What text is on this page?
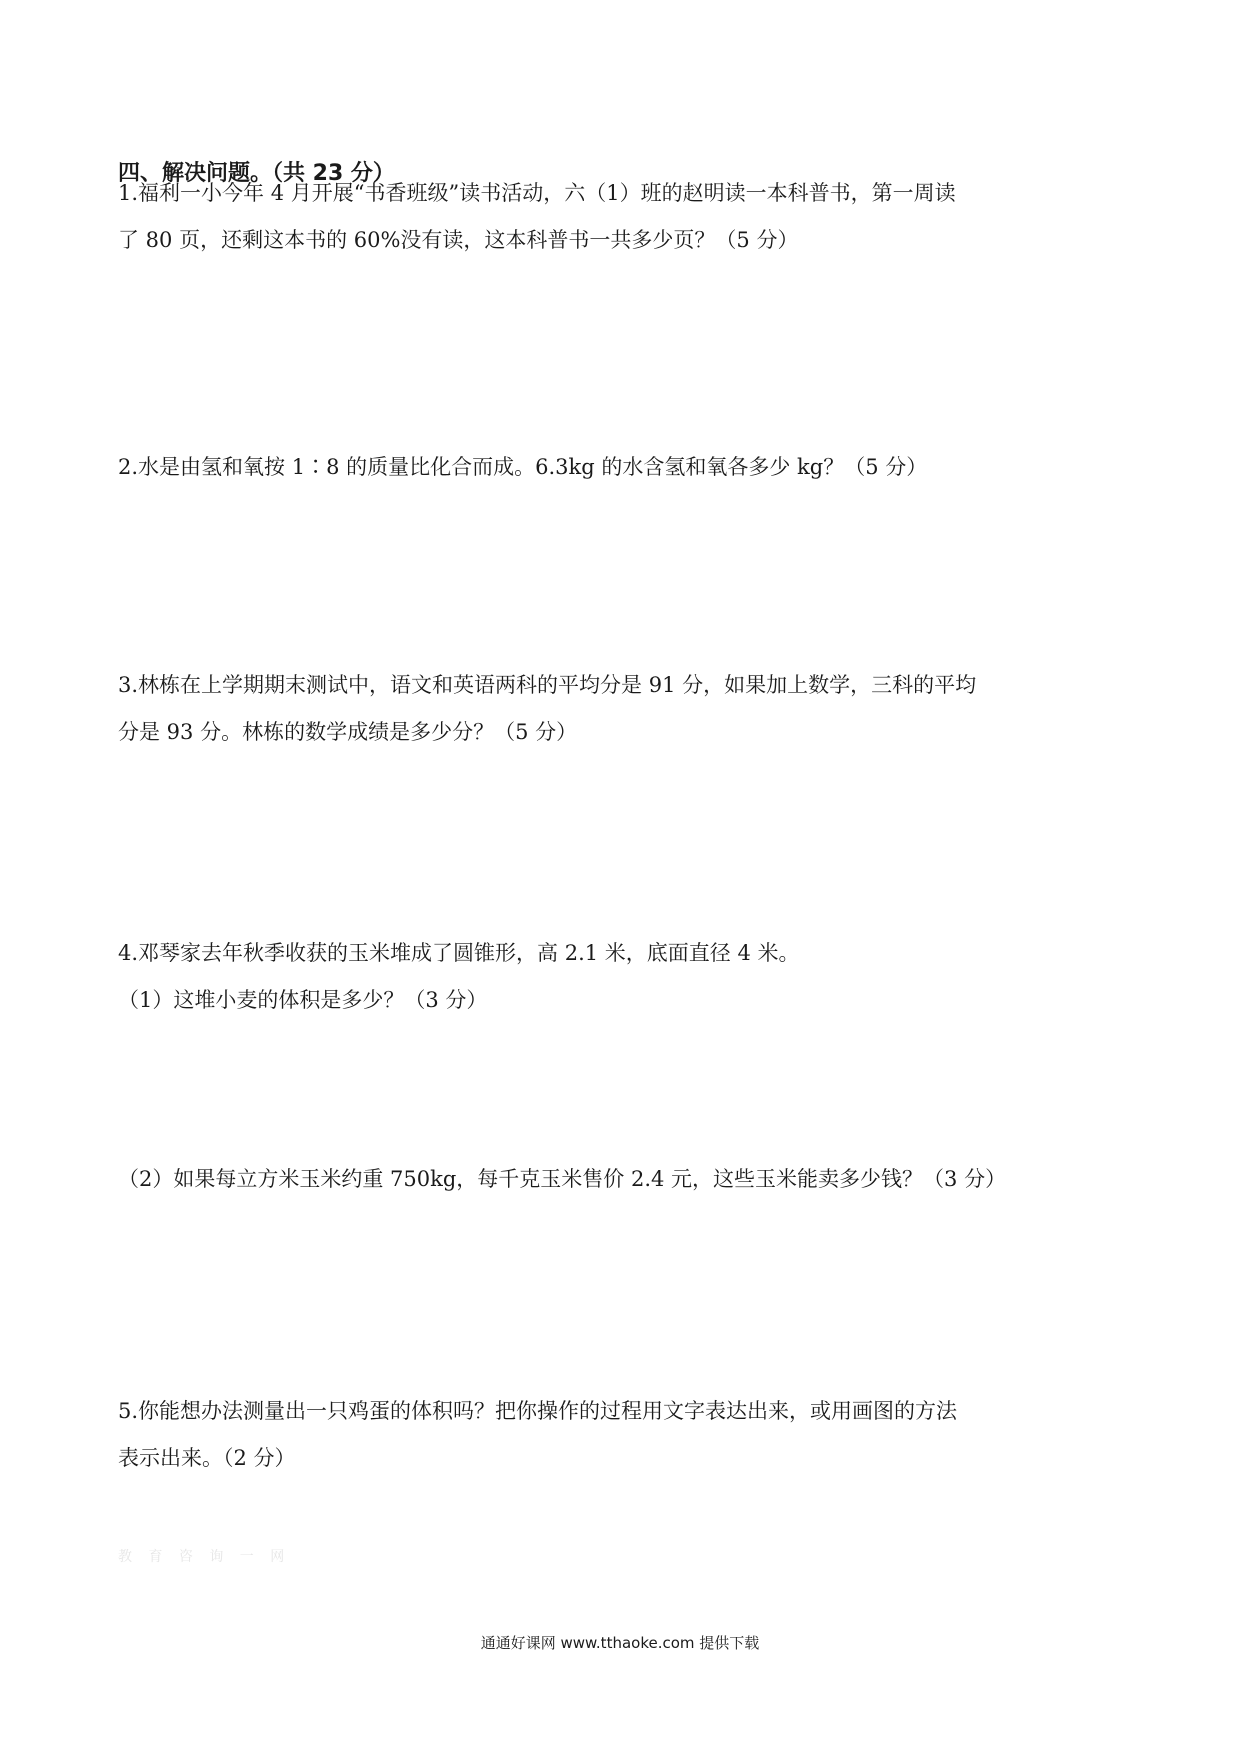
四、解决问题。（共 23 分）
1.福利一小今年 4 月开展“书香班级”读书活动，六（1）班的赵明读一本科普书，第一周读
了 80 页，还剩这本书的 60%没有读，这本科普书一共多少页？（5 分）
2.水是由氢和氧按 1∶8 的质量比化合而成。6.3kg 的水含氢和氧各多少 kg？（5 分）
3.林栋在上学期期末测试中，语文和英语两科的平均分是 91 分，如果加上数学，三科的平均
分是 93 分。林栋的数学成绩是多少分？（5 分）
4.邓琴家去年秋季收获的玉米堆成了圆锥形，高 2.1 米，底面直径 4 米。
（1）这堆小麦的体积是多少？（3 分）
（2）如果每立方米玉米约重 750kg，每千克玉米售价 2.4 元，这些玉米能卖多少钱？（3 分）
5.你能想办法测量出一只鸡蛋的体积吗？把你操作的过程用文字表达出来，或用画图的方法
表示出来。（2 分）
教 育 咨 询 一 网
通通好课网 www.tthaoke.com 提供下载
